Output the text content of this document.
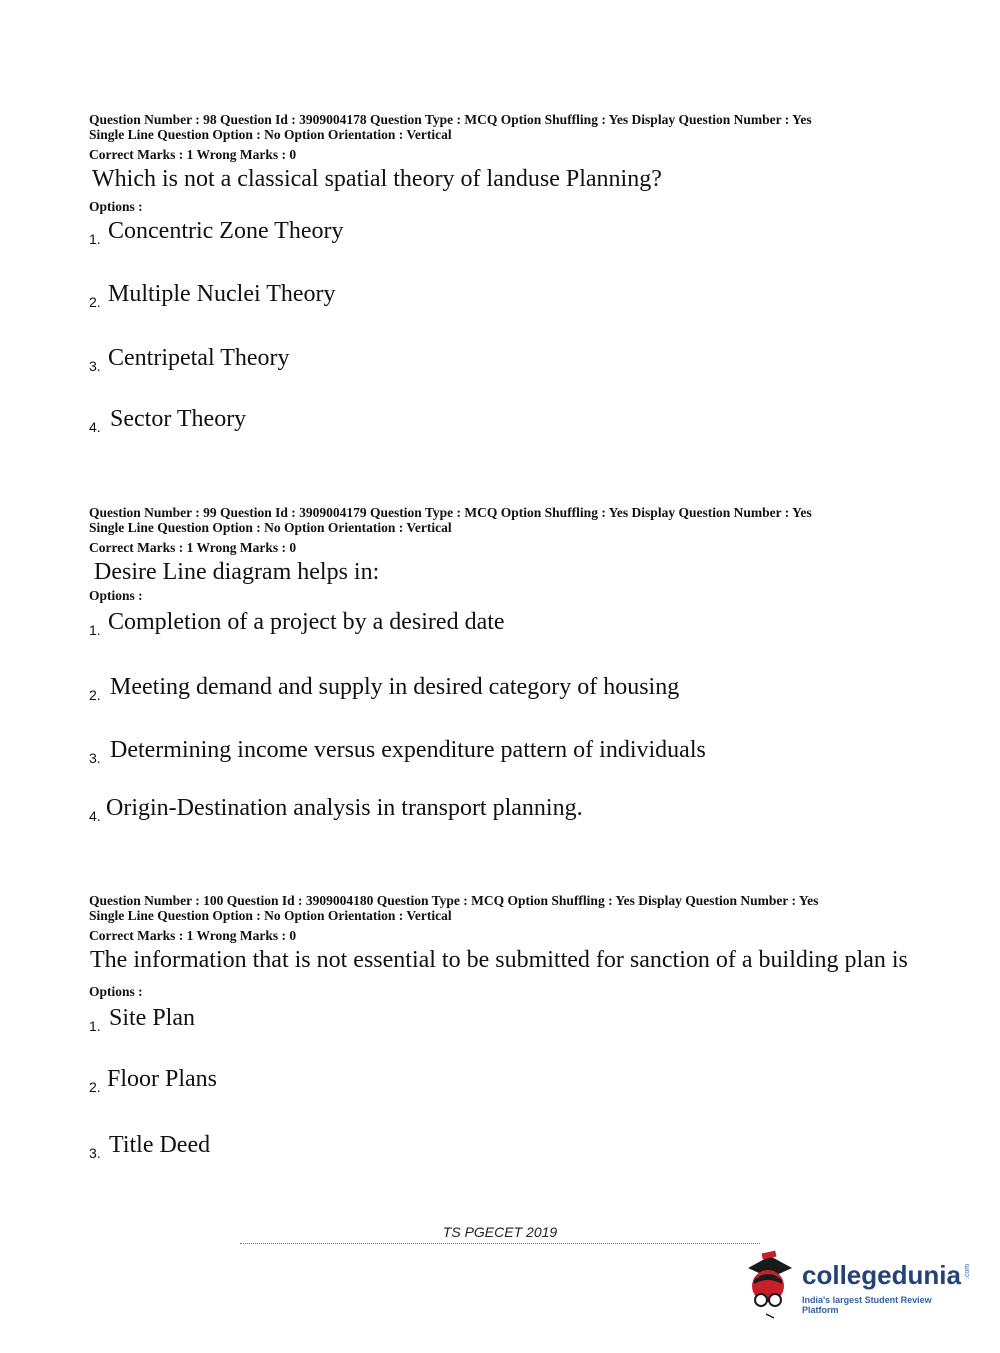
Question Number : 98 Question Id : 3909004178 Question Type : MCQ Option Shuffling : Yes Display Question Number : Yes
Single Line Question Option : No Option Orientation : Vertical
Correct Marks : 1 Wrong Marks : 0
Which is not a classical spatial theory of landuse Planning?
Options :
1. Concentric Zone Theory
2. Multiple Nuclei Theory
3. Centripetal Theory
4. Sector Theory
Question Number : 99 Question Id : 3909004179 Question Type : MCQ Option Shuffling : Yes Display Question Number : Yes
Single Line Question Option : No Option Orientation : Vertical
Correct Marks : 1 Wrong Marks : 0
Desire Line diagram helps in:
Options :
1. Completion of a project by a desired date
2. Meeting demand and supply in desired category of housing
3. Determining income versus expenditure pattern of individuals
4. Origin-Destination analysis in transport planning.
Question Number : 100 Question Id : 3909004180 Question Type : MCQ Option Shuffling : Yes Display Question Number : Yes
Single Line Question Option : No Option Orientation : Vertical
Correct Marks : 1 Wrong Marks : 0
The information that is not essential to be submitted for sanction of a building plan is
Options :
1. Site Plan
2. Floor Plans
3. Title Deed
TS PGECET 2019
collegedunia .com
India's largest Student Review Platform
